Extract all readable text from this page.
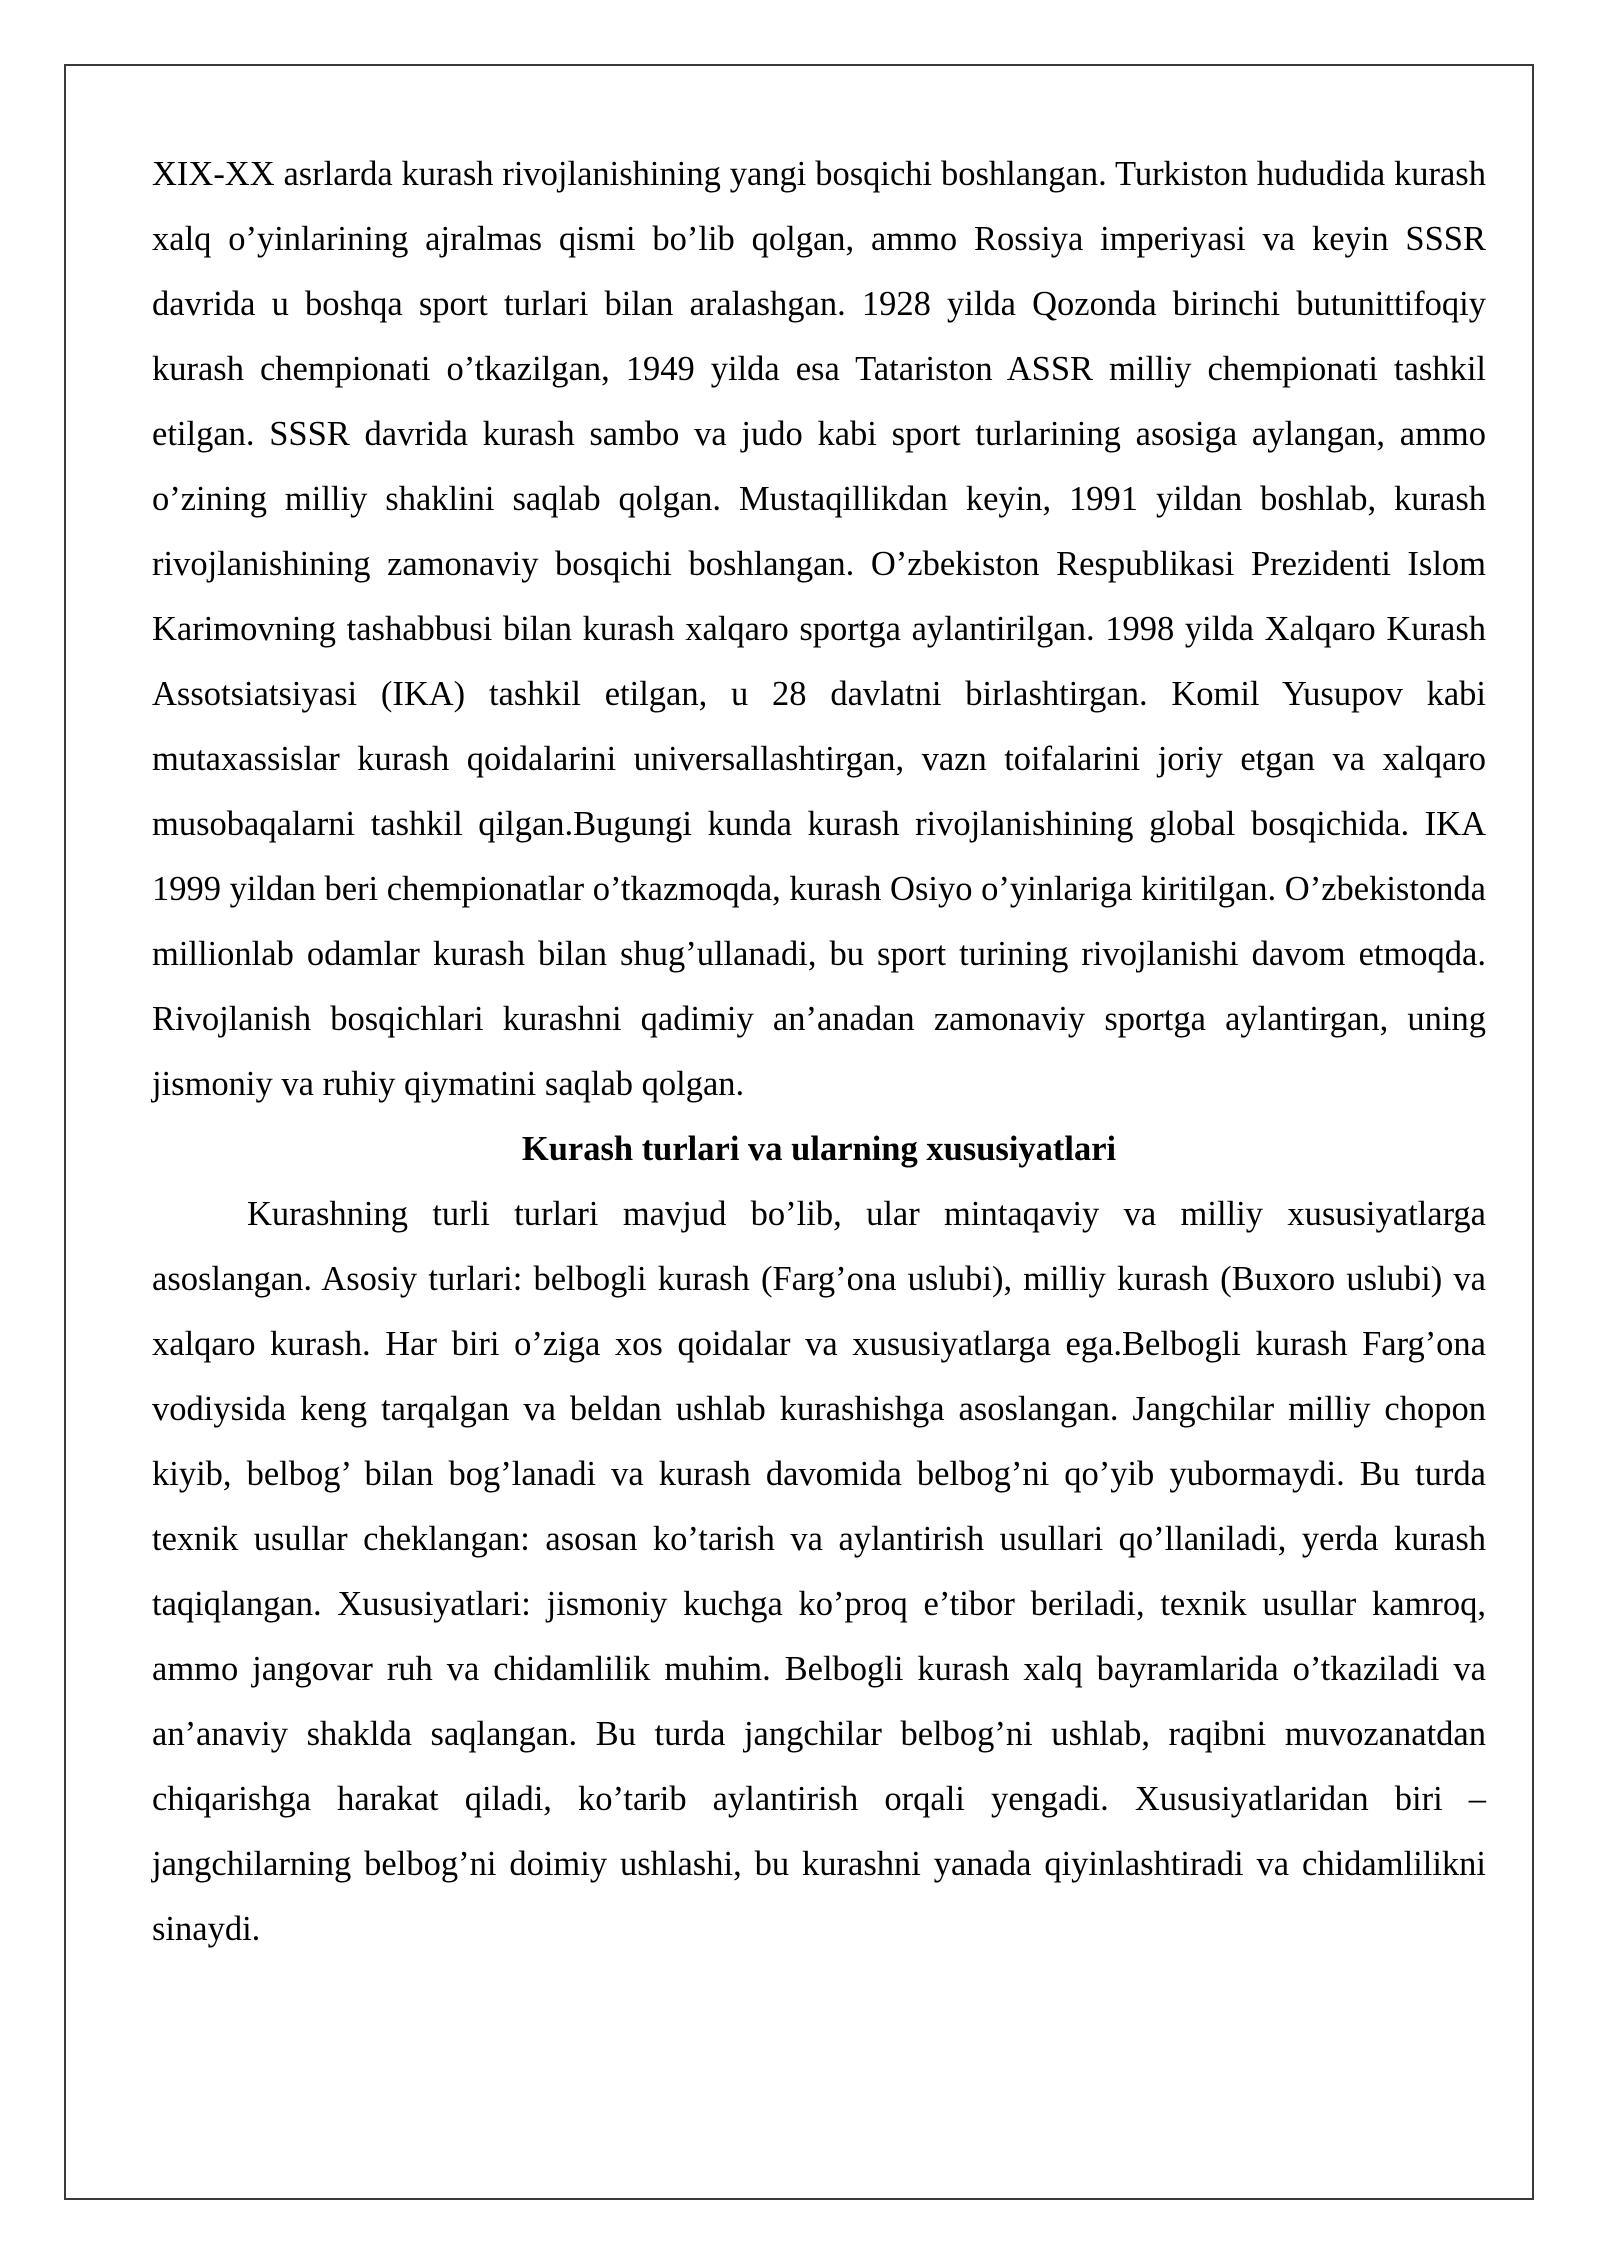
XIX-XX asrlarda kurash rivojlanishining yangi bosqichi boshlangan. Turkiston hududida kurash xalq o’yinlarining ajralmas qismi bo’lib qolgan, ammo Rossiya imperiyasi va keyin SSSR davrida u boshqa sport turlari bilan aralashgan. 1928 yilda Qozonda birinchi butunittifoqiy kurash chempionati o’tkazilgan, 1949 yilda esa Tatariston ASSR milliy chempionati tashkil etilgan. SSSR davrida kurash sambo va judo kabi sport turlarining asosiga aylangan, ammo o’zining milliy shaklini saqlab qolgan. Mustaqillikdan keyin, 1991 yildan boshlab, kurash rivojlanishining zamonaviy bosqichi boshlangan. O’zbekiston Respublikasi Prezidenti Islom Karimovning tashabbusi bilan kurash xalqaro sportga aylantirilgan. 1998 yilda Xalqaro Kurash Assotsiatsiyasi (IKA) tashkil etilgan, u 28 davlatni birlashtirgan. Komil Yusupov kabi mutaxassislar kurash qoidalarini universallashtirgan, vazn toifalarini joriy etgan va xalqaro musobaqalarni tashkil qilgan.Bugungi kunda kurash rivojlanishining global bosqichida. IKA 1999 yildan beri chempionatlar o’tkazmoqda, kurash Osiyo o’yinlariga kiritilgan. O’zbekistonda millionlab odamlar kurash bilan shug’ullanadi, bu sport turining rivojlanishi davom etmoqda. Rivojlanish bosqichlari kurashni qadimiy an’anadan zamonaviy sportga aylantirgan, uning jismoniy va ruhiy qiymatini saqlab qolgan.

Kurash turlari va ularning xususiyatlari

Kurashning turli turlari mavjud bo’lib, ular mintaqaviy va milliy xususiyatlarga asoslangan. Asosiy turlari: belbogli kurash (Farg’ona uslubi), milliy kurash (Buxoro uslubi) va xalqaro kurash. Har biri o’ziga xos qoidalar va xususiyatlarga ega.Belbogli kurash Farg’ona vodiysida keng tarqalgan va beldan ushlab kurashishga asoslangan. Jangchilar milliy chopon kiyib, belbog’ bilan bog’lanadi va kurash davomida belbog’ni qo’yib yubormaydi. Bu turda texnik usullar cheklangan: asosan ko’tarish va aylantirish usullari qo’llaniladi, yerda kurash taqiqlangan. Xususiyatlari: jismoniy kuchga ko’proq e’tibor beriladi, texnik usullar kamroq, ammo jangovar ruh va chidamlilik muhim. Belbogli kurash xalq bayramlarida o’tkaziladi va an’anaviy shaklda saqlangan. Bu turda jangchilar belbog’ni ushlab, raqibni muvozanatdan chiqarishga harakat qiladi, ko’tarib aylantirish orqali yengadi. Xususiyatlaridan biri – jangchilarning belbog’ni doimiy ushlashi, bu kurashni yanada qiyinlashtiradi va chidamlilikni sinaydi.
